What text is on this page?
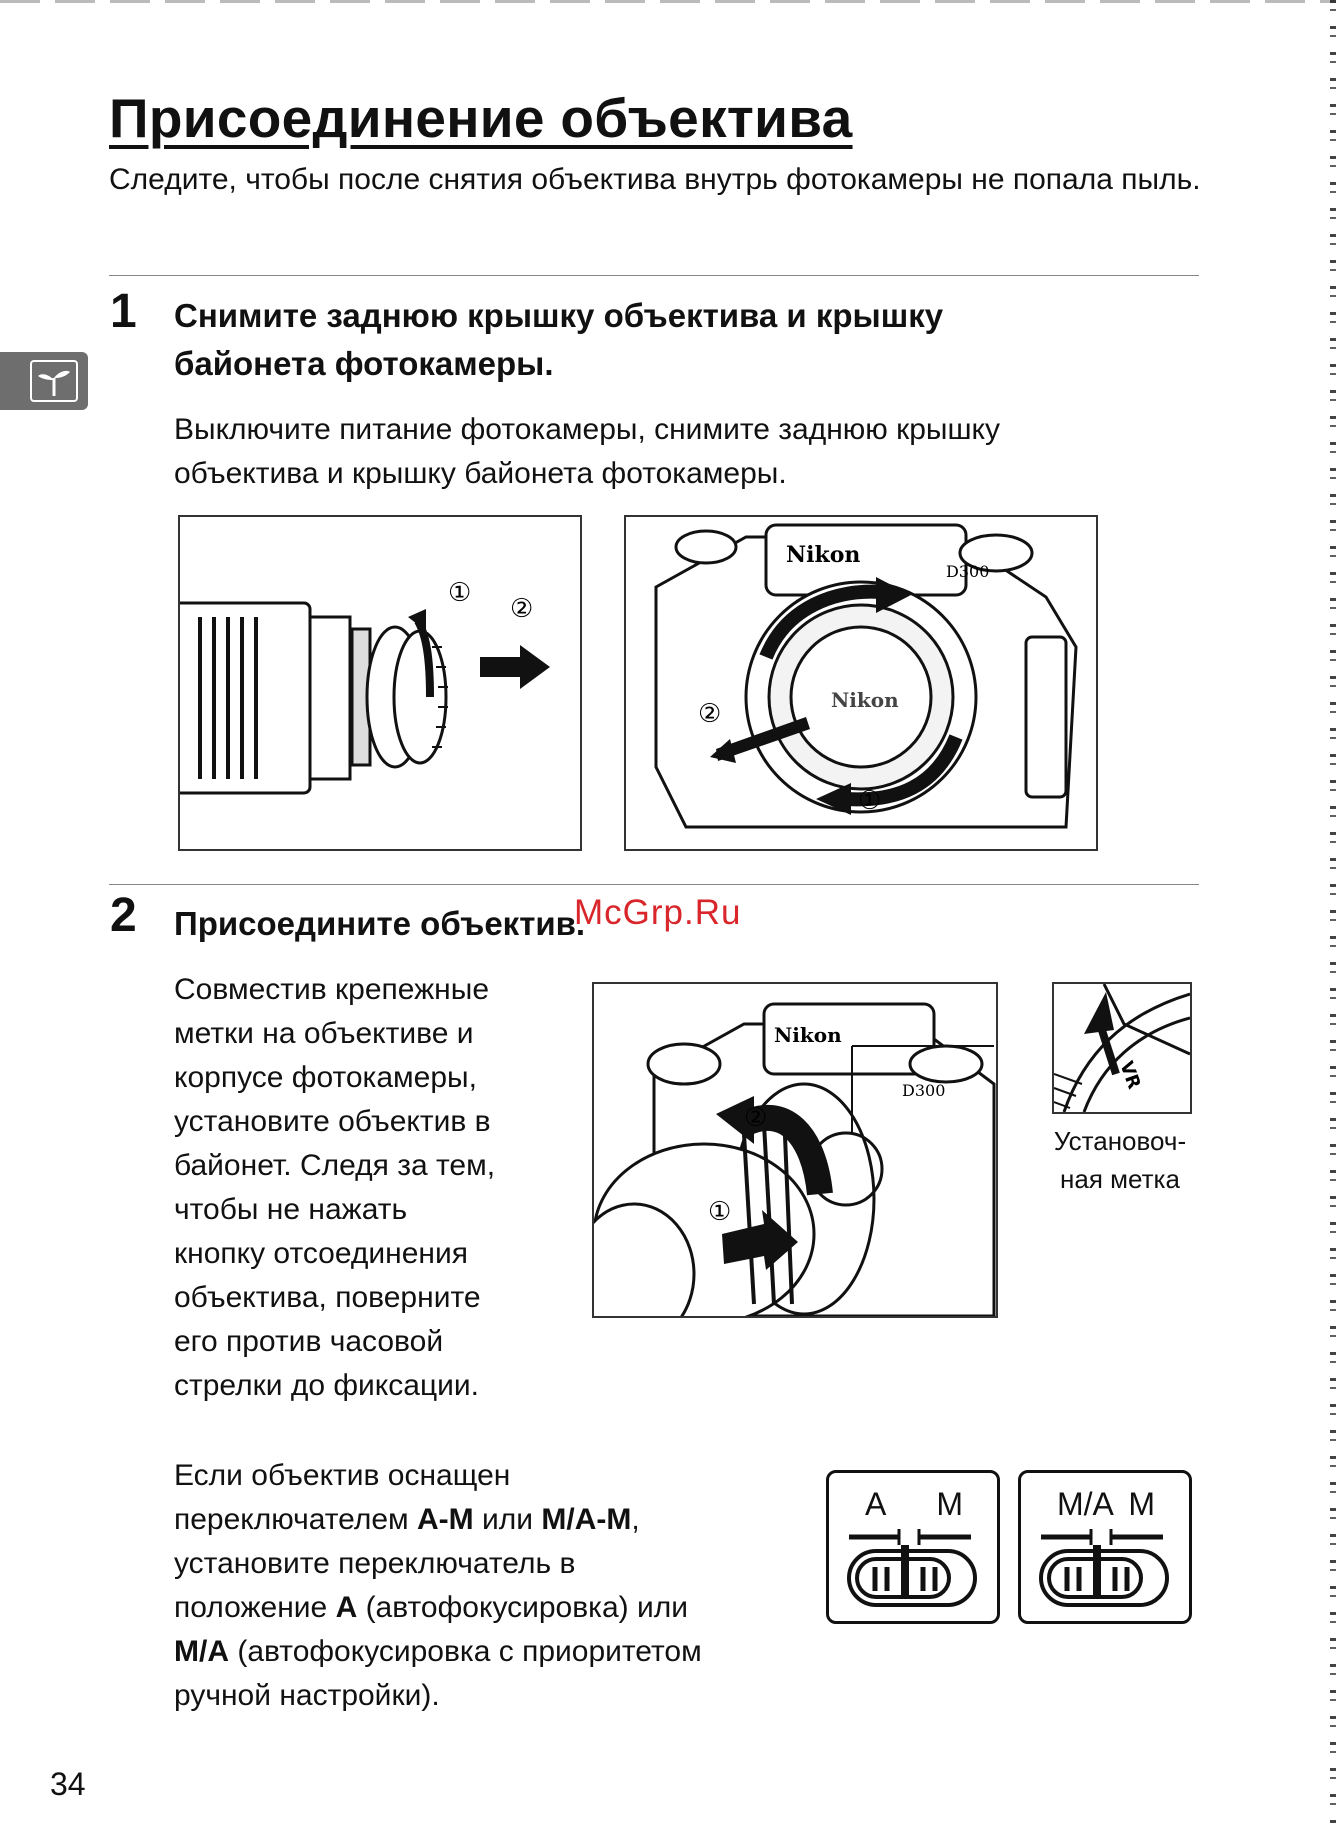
Присоединение объектива

Следите, чтобы после снятия объектива внутрь фотокамеры не попала пыль.

1 Снимите заднюю крышку объектива и крышку

байонета фотокамеры.

Выключите питание фотокамеры, снимите заднюю крышку

объектива и крышку байонета фотокамеры.

①
②
Nikon
D300
Nikon
②
①
2 Присоедините объектив.

McGrp.Ru

Совместив крепежные

метки на объективе и

корпусе фотокамеры,

установите объектив в

байонет. Следя за тем,

чтобы не нажать

кнопку отсоединения

объектива, поверните

его против часовой

стрелки до фиксации.

Nikon
D300
②
①
VR

Установоч-
ная метка

Если объектив оснащен

переключателем A-M или M/A-M,

установите переключатель в

положение A (автофокусировка) или

M/A (автофокусировка с приоритетом

ручной настройки).

A M	M/A M

34
